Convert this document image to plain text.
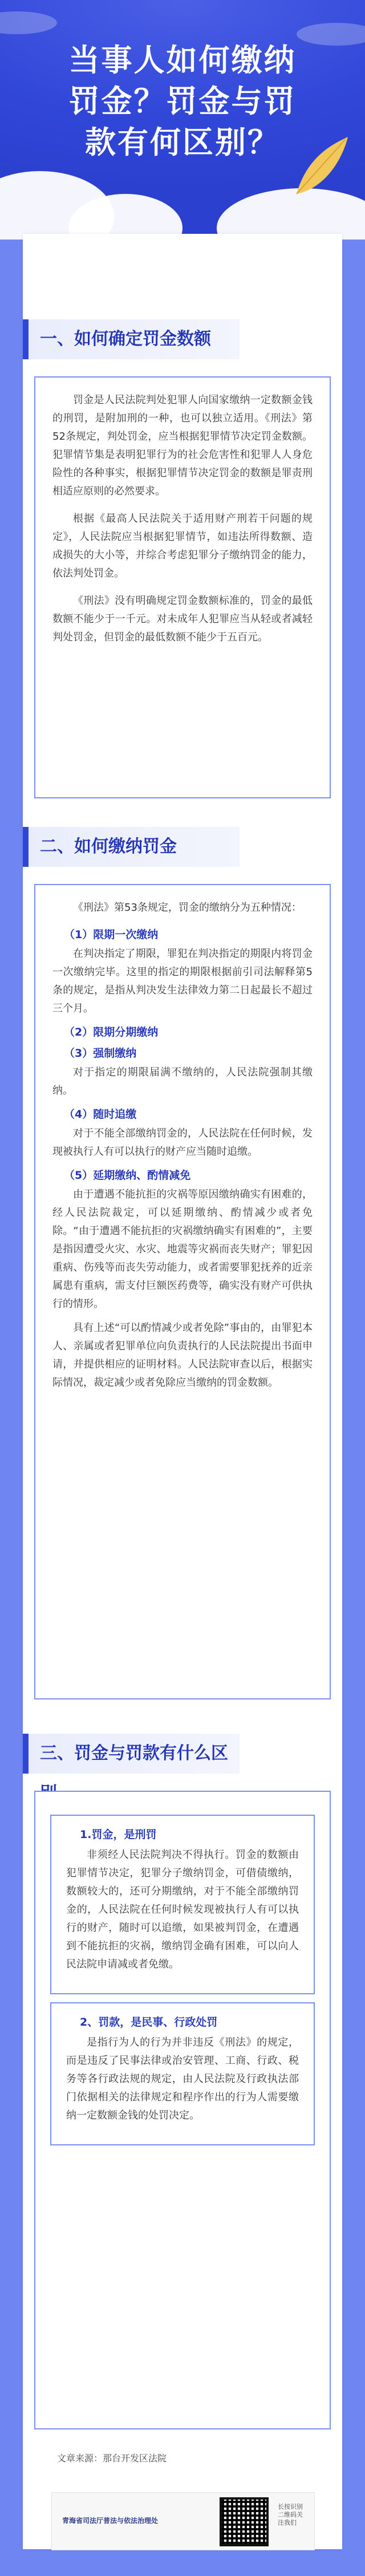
当事人如何缴纳
罚金？罚金与罚
款有何区别？
一、如何确定罚金数额

罚金是人民法院判处犯罪人向国家缴纳一定数额金钱的刑罚，是附加刑的一种，也可以独立适用。《刑法》第52条规定，判处罚金，应当根据犯罪情节决定罚金数额。犯罪情节集是表明犯罪行为的社会危害性和犯罪人人身危险性的各种事实，根据犯罪情节决定罚金的数额是罪责刑相适应原则的必然要求。

根据《最高人民法院关于适用财产刑若干问题的规定》，人民法院应当根据犯罪情节，如违法所得数额、造成损失的大小等，并综合考虑犯罪分子缴纳罚金的能力，依法判处罚金。

《刑法》没有明确规定罚金数额标准的，罚金的最低数额不能少于一千元。对未成年人犯罪应当从轻或者减轻判处罚金，但罚金的最低数额不能少于五百元。

二、如何缴纳罚金

《刑法》第53条规定，罚金的缴纳分为五种情况：

（1）限期一次缴纳

在判决指定了期限，罪犯在判决指定的期限内将罚金一次缴纳完毕。这里的指定的期限根据前引司法解释第5条的规定，是指从判决发生法律效力第二日起最长不超过三个月。

（2）限期分期缴纳
（3）强制缴纳

对于指定的期限届满不缴纳的，人民法院强制其缴纳。

（4）随时追缴

对于不能全部缴纳罚金的，人民法院在任何时候，发现被执行人有可以执行的财产应当随时追缴。

（5）延期缴纳、酌情减免

由于遭遇不能抗拒的灾祸等原因缴纳确实有困难的，经人民法院裁定，可以延期缴纳、酌情减少或者免除。“由于遭遇不能抗拒的灾祸缴纳确实有困难的”，主要是指因遭受火灾、水灾、地震等灾祸而丧失财产；罪犯因重病、伤残等而丧失劳动能力，或者需要罪犯抚养的近亲属患有重病，需支付巨额医药费等，确实没有财产可供执行的情形。

具有上述“可以酌情减少或者免除”事由的，由罪犯本人、亲属或者犯罪单位向负责执行的人民法院提出书面申请，并提供相应的证明材料。人民法院审查以后，根据实际情况，裁定减少或者免除应当缴纳的罚金数额。

三、罚金与罚款有什么区
1.罚金，是刑罚

非须经人民法院判决不得执行。罚金的数额由犯罪情节决定，犯罪分子缴纳罚金，可借债缴纳，数额较大的，还可分期缴纳，对于不能全部缴纳罚金的，人民法院在任何时候发现被执行人有可以执行的财产，随时可以追缴，如果被判罚金，在遭遇到不能抗拒的灾祸，缴纳罚金确有困难，可以向人民法院申请减或者免缴。

2、罚款，是民事、行政处罚

是指行为人的行为并非违反《刑法》的规定，而是违反了民事法律或治安管理、工商、行政、税务等各行政法规的规定，由人民法院及行政执法部门依据相关的法律规定和程序作出的行为人需要缴纳一定数额金钱的处罚决定。

文章来源：那台开发区法院
青海省司法厅普法与依法治理处
长按识别二维码关注我们
